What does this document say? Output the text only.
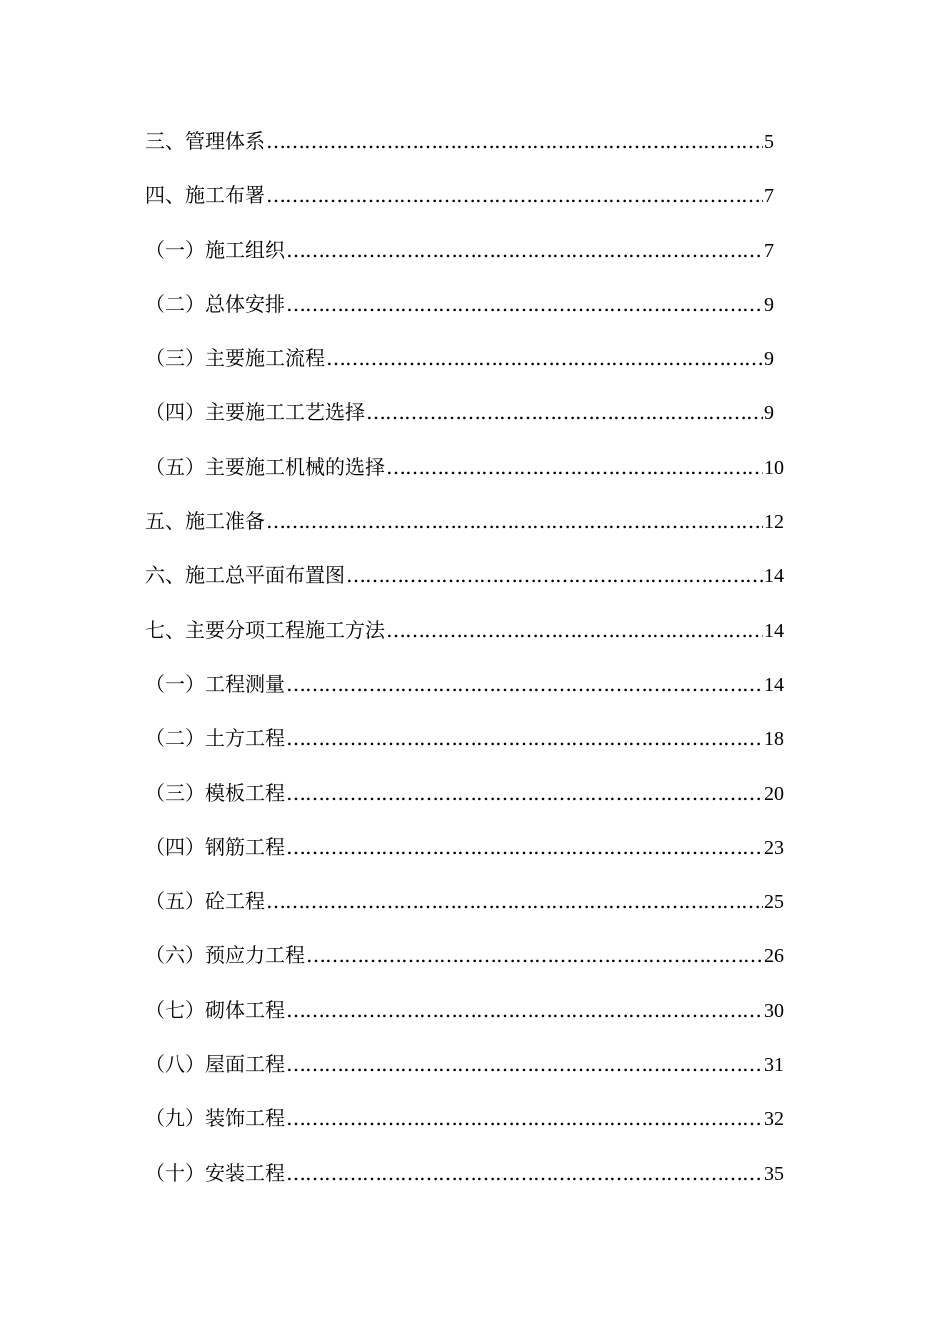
三、管理体系 …………………………………………………………………………………………………………………………………………………………………………………………	5
四、施工布署 …………………………………………………………………………………………………………………………………………………………………………………………	7
（一）施工组织 …………………………………………………………………………………………………………………………………………………………………………………………	7
（二）总体安排 …………………………………………………………………………………………………………………………………………………………………………………………	9
（三）主要施工流程 …………………………………………………………………………………………………………………………………………………………………………………………	9
（四）主要施工工艺选择 …………………………………………………………………………………………………………………………………………………………………………………………	9
（五）主要施工机械的选择 …………………………………………………………………………………………………………………………………………………………………………………………	10
五、施工准备 …………………………………………………………………………………………………………………………………………………………………………………………	12
六、施工总平面布置图 …………………………………………………………………………………………………………………………………………………………………………………………	14
七、主要分项工程施工方法 …………………………………………………………………………………………………………………………………………………………………………………………	14
（一）工程测量 …………………………………………………………………………………………………………………………………………………………………………………………	14
（二）土方工程 …………………………………………………………………………………………………………………………………………………………………………………………	18
（三）模板工程 …………………………………………………………………………………………………………………………………………………………………………………………	20
（四）钢筋工程 …………………………………………………………………………………………………………………………………………………………………………………………	23
（五）砼工程 …………………………………………………………………………………………………………………………………………………………………………………………	25
（六）预应力工程 …………………………………………………………………………………………………………………………………………………………………………………………	26
（七）砌体工程 …………………………………………………………………………………………………………………………………………………………………………………………	30
（八）屋面工程 …………………………………………………………………………………………………………………………………………………………………………………………	31
（九）装饰工程 …………………………………………………………………………………………………………………………………………………………………………………………	32
（十）安装工程 …………………………………………………………………………………………………………………………………………………………………………………………	35
